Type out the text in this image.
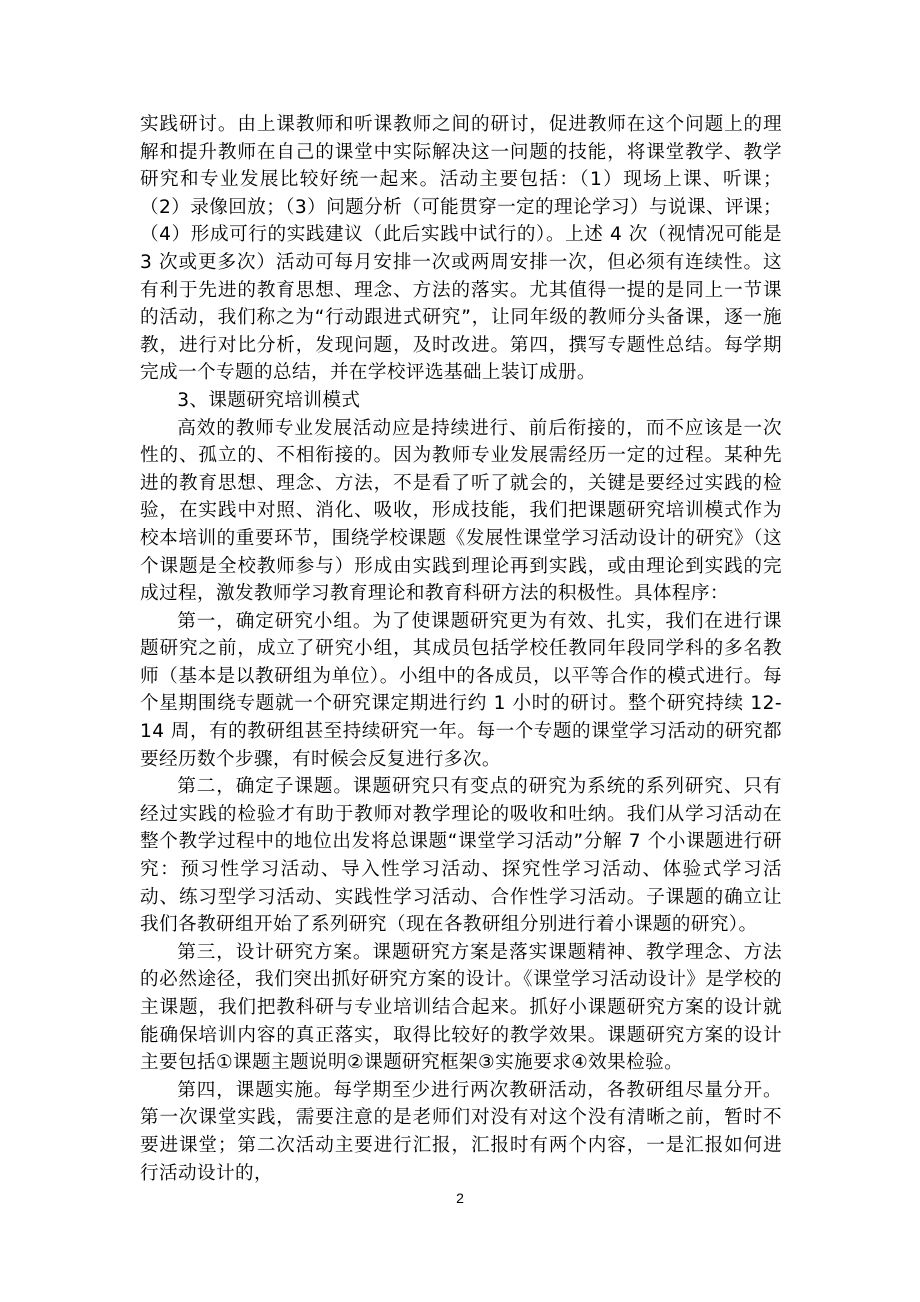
实践研讨。由上课教师和听课教师之间的研讨，促进教师在这个问题上的理解和提升教师在自己的课堂中实际解决这一问题的技能，将课堂教学、教学研究和专业发展比较好统一起来。活动主要包括：（1）现场上课、听课；（2）录像回放；（3）问题分析（可能贯穿一定的理论学习）与说课、评课；（4）形成可行的实践建议（此后实践中试行的）。上述 4 次（视情况可能是 3 次或更多次）活动可每月安排一次或两周安排一次，但必须有连续性。这有利于先进的教育思想、理念、方法的落实。尤其值得一提的是同上一节课的活动，我们称之为“行动跟进式研究”，让同年级的教师分头备课，逐一施教，进行对比分析，发现问题，及时改进。第四，撰写专题性总结。每学期完成一个专题的总结，并在学校评选基础上装订成册。

3、课题研究培训模式

高效的教师专业发展活动应是持续进行、前后衔接的，而不应该是一次性的、孤立的、不相衔接的。因为教师专业发展需经历一定的过程。某种先进的教育思想、理念、方法，不是看了听了就会的，关键是要经过实践的检验，在实践中对照、消化、吸收，形成技能，我们把课题研究培训模式作为校本培训的重要环节，围绕学校课题《发展性课堂学习活动设计的研究》（这个课题是全校教师参与）形成由实践到理论再到实践，或由理论到实践的完成过程，激发教师学习教育理论和教育科研方法的积极性。具体程序：

第一，确定研究小组。为了使课题研究更为有效、扎实，我们在进行课题研究之前，成立了研究小组，其成员包括学校任教同年段同学科的多名教师（基本是以教研组为单位）。小组中的各成员，以平等合作的模式进行。每个星期围绕专题就一个研究课定期进行约 1 小时的研讨。整个研究持续 12-14 周，有的教研组甚至持续研究一年。每一个专题的课堂学习活动的研究都要经历数个步骤，有时候会反复进行多次。

第二，确定子课题。课题研究只有变点的研究为系统的系列研究、只有经过实践的检验才有助于教师对教学理论的吸收和吐纳。我们从学习活动在整个教学过程中的地位出发将总课题“课堂学习活动”分解 7 个小课题进行研究：预习性学习活动、导入性学习活动、探究性学习活动、体验式学习活动、练习型学习活动、实践性学习活动、合作性学习活动。子课题的确立让我们各教研组开始了系列研究（现在各教研组分别进行着小课题的研究）。

第三，设计研究方案。课题研究方案是落实课题精神、教学理念、方法的必然途径，我们突出抓好研究方案的设计。《课堂学习活动设计》是学校的主课题，我们把教科研与专业培训结合起来。抓好小课题研究方案的设计就能确保培训内容的真正落实，取得比较好的教学效果。课题研究方案的设计主要包括①课题主题说明②课题研究框架③实施要求④效果检验。

第四，课题实施。每学期至少进行两次教研活动，各教研组尽量分开。第一次课堂实践，需要注意的是老师们对没有对这个没有清晰之前，暂时不要进课堂；第二次活动主要进行汇报，汇报时有两个内容，一是汇报如何进行活动设计的，

2
